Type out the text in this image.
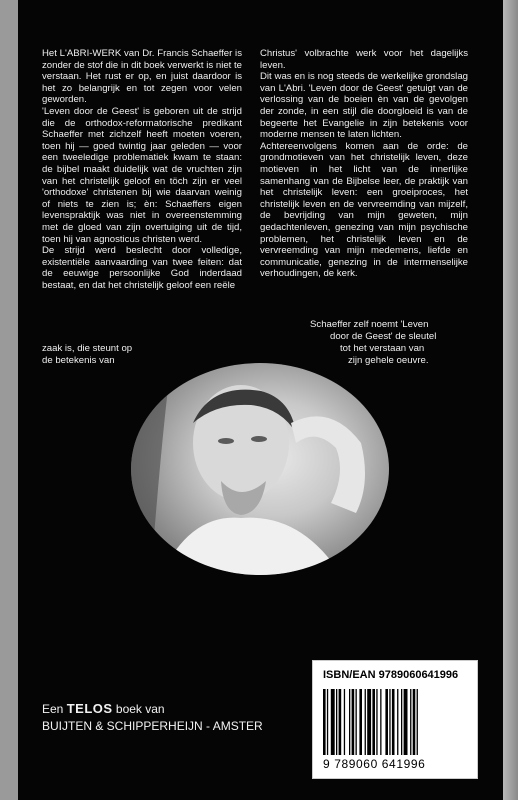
Het L'ABRI-WERK van Dr. Francis Schaeffer is zonder de stof die in dit boek verwerkt is niet te verstaan. Het rust er op, en juist daardoor is het zo belangrijk en tot zegen voor velen geworden.

'Leven door de Geest' is geboren uit de strijd die de orthodox-reformatorische predikant Schaeffer met zichzelf heeft moeten voeren, toen hij — goed twintig jaar geleden — voor een tweeledige problematiek kwam te staan: de bijbel maakt duidelijk wat de vruchten zijn van het christelijk geloof en töch zijn er veel 'orthodoxe' christenen bij wie daarvan weinig of niets te zien is; èn: Schaeffers eigen levenspraktijk was niet in overeenstemming met de gloed van zijn overtuiging uit de tijd, toen hij van agnosticus christen werd.

De strijd werd beslecht door volledige, existentiële aanvaarding van twee feiten: dat de eeuwige persoonlijke God inderdaad bestaat, en dat het christelijk geloof een reële

zaak is, die steunt op
de betekenis van

Christus' volbrachte werk voor het dagelijks leven.

Dit was en is nog steeds de werkelijke grondslag van L'Abri. 'Leven door de Geest' getuigt van de verlossing van de boeien èn van de gevolgen der zonde, in een stijl die doorgloeid is van de begeerte het Evangelie in zijn betekenis voor moderne mensen te laten lichten.

Achtereenvolgens komen aan de orde: de grondmotieven van het christelijk leven, deze motieven in het licht van de innerlijke samenhang van de Bijbelse leer, de praktijk van het christelijk leven: een groeiproces, het christelijk leven en de vervreemding van mijzelf, de bevrijding van mijn geweten, mijn gedachtenleven, genezing van mijn psychische problemen, het christelijk leven en de vervreemding van mijn medemens, liefde en communicatie, genezing in de intermenselijke verhoudingen, de kerk.

Schaeffer zelf noemt 'Leven
door de Geest' de sleutel
tot het verstaan van
zijn gehele oeuvre.
Een TELOS boek van
BUIJTEN & SCHIPPERHEIJN - AMSTER
ISBN/EAN 9789060641996
9 789060 641996
